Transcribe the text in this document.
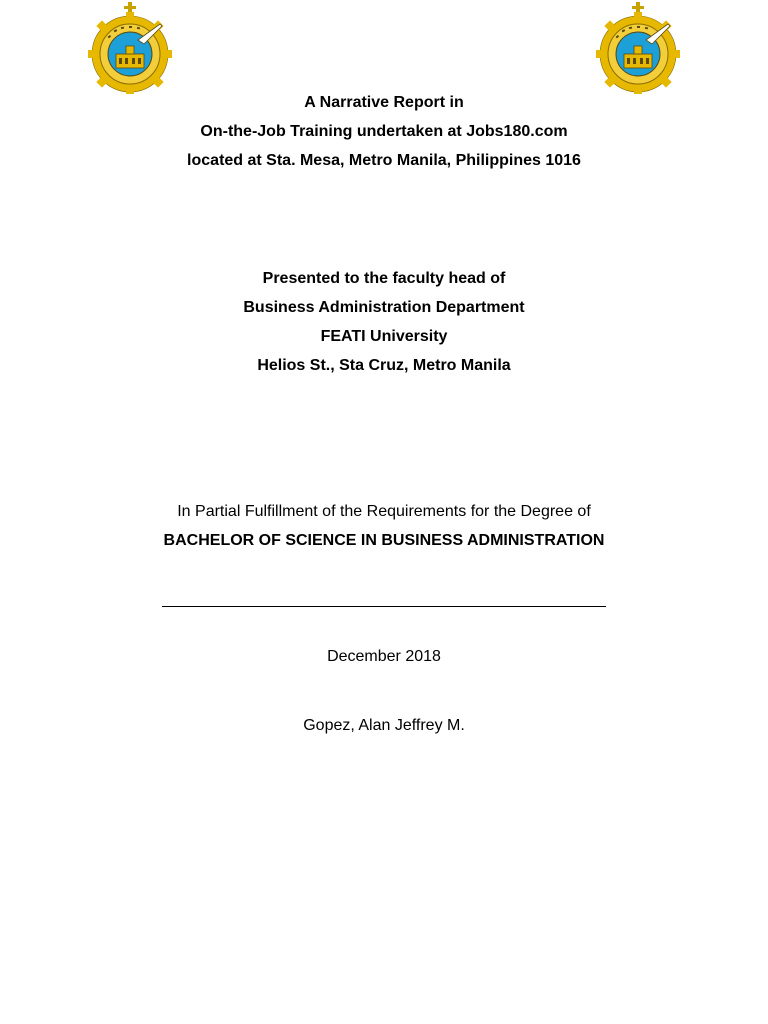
A Narrative Report in
On-the-Job Training undertaken at Jobs180.com
located at Sta. Mesa, Metro Manila, Philippines 1016
Presented to the faculty head of
Business Administration Department
FEATI University
Helios St., Sta Cruz, Metro Manila
In Partial Fulfillment of the Requirements for the Degree of
BACHELOR OF SCIENCE IN BUSINESS ADMINISTRATION
December 2018
Gopez, Alan Jeffrey M.
